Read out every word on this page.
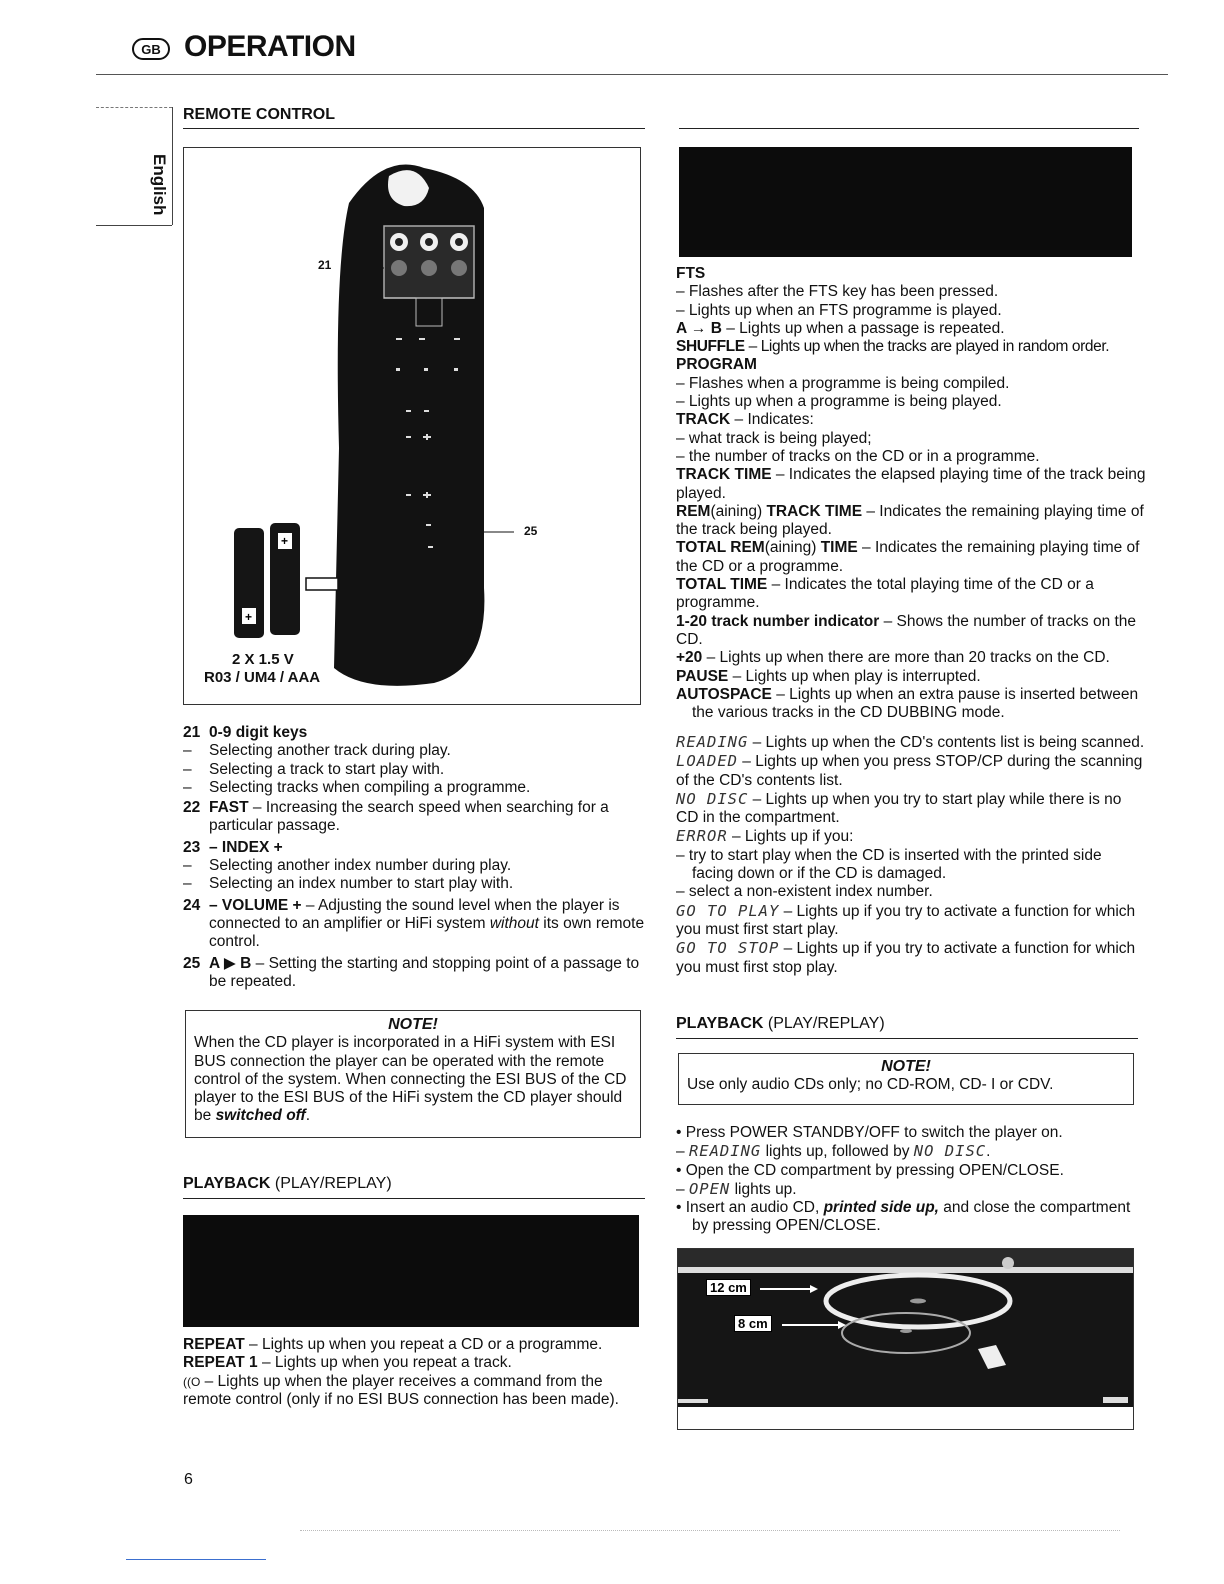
GB OPERATION
English
REMOTE CONTROL
21
25
+
+
2 X 1.5 V
R03 / UM4 / AAA
21 0-9 digit keys
–	Selecting another track during play.
–	Selecting a track to start play with.
–	Selecting tracks when compiling a programme.
22 FAST – Increasing the search speed when searching for a particular passage.
23 – INDEX +
–	Selecting another index number during play.
–	Selecting an index number to start play with.
24 – VOLUME + – Adjusting the sound level when the player is connected to an amplifier or HiFi system without its own remote control.
25 A ▶ B – Setting the starting and stopping point of a passage to be repeated.
NOTE!

When the CD player is incorporated in a HiFi system with ESI BUS connection the player can be operated with the remote control of the system. When connecting the ESI BUS of the CD player to the ESI BUS of the HiFi system the CD player should be switched off.

PLAYBACK (PLAY/REPLAY)

REPEAT – Lights up when you repeat a CD or a programme.

REPEAT 1 – Lights up when you repeat a track.

((O – Lights up when the player receives a command from the remote control (only if no ESI BUS connection has been made).

FTS

– Flashes after the FTS key has been pressed.

– Lights up when an FTS programme is played.

A → B – Lights up when a passage is repeated.

SHUFFLE – Lights up when the tracks are played in random order.

PROGRAM

– Flashes when a programme is being compiled.

– Lights up when a programme is being played.

TRACK – Indicates:

– what track is being played;

– the number of tracks on the CD or in a programme.

TRACK TIME – Indicates the elapsed playing time of the track being played.

REM(aining) TRACK TIME – Indicates the remaining playing time of the track being played.

TOTAL REM(aining) TIME – Indicates the remaining playing time of the CD or a programme.

TOTAL TIME – Indicates the total playing time of the CD or a programme.

1-20 track number indicator – Shows the number of tracks on the CD.

+20 – Lights up when there are more than 20 tracks on the CD.

PAUSE – Lights up when play is interrupted.

AUTOSPACE – Lights up when an extra pause is inserted between the various tracks in the CD DUBBING mode.

READING – Lights up when the CD's contents list is being scanned.

LOADED – Lights up when you press STOP/CP during the scanning of the CD's contents list.

NO DISC – Lights up when you try to start play while there is no CD in the compartment.

ERROR – Lights up if you:

– try to start play when the CD is inserted with the printed side facing down or if the CD is damaged.

– select a non-existent index number.

GO TO PLAY – Lights up if you try to activate a function for which you must first start play.

GO TO STOP – Lights up if you try to activate a function for which you must first stop play.

PLAYBACK (PLAY/REPLAY)
NOTE!

Use only audio CDs only; no CD-ROM, CD- I or CDV.

• Press POWER STANDBY/OFF to switch the player on.

– READING lights up, followed by NO DISC.

• Open the CD compartment by pressing OPEN/CLOSE.

– OPEN lights up.

• Insert an audio CD, printed side up, and close the compartment by pressing OPEN/CLOSE.

12 cm
8 cm
6
